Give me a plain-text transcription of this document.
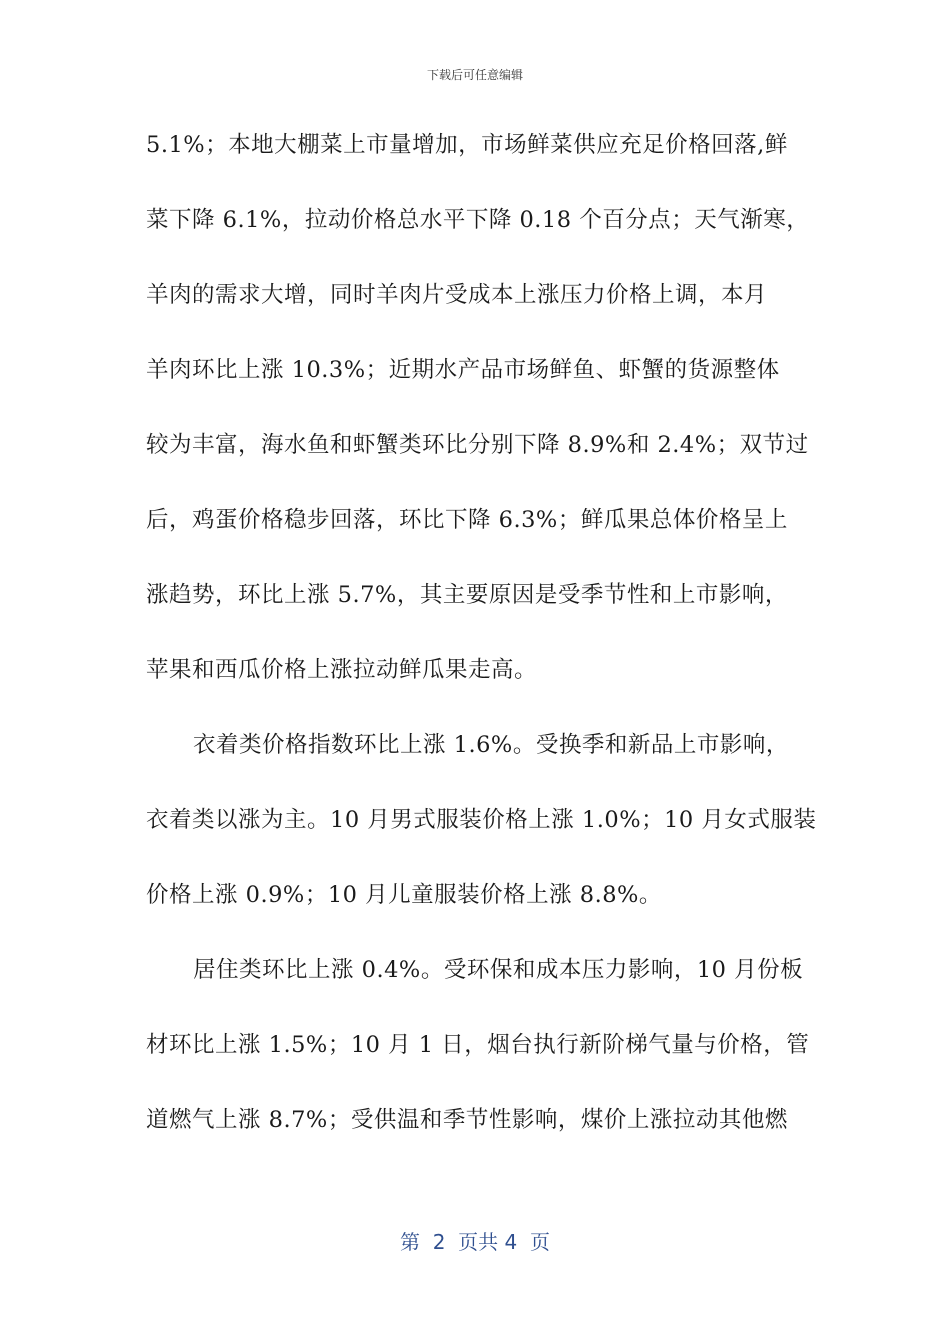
下载后可任意编辑
5.1%；本地大棚菜上市量增加，市场鲜菜供应充足价格回落,鲜
菜下降 6.1%，拉动价格总水平下降 0.18 个百分点；天气渐寒，
羊肉的需求大增，同时羊肉片受成本上涨压力价格上调，本月
羊肉环比上涨 10.3%；近期水产品市场鲜鱼、虾蟹的货源整体
较为丰富，海水鱼和虾蟹类环比分别下降 8.9%和 2.4%；双节过
后，鸡蛋价格稳步回落，环比下降 6.3%；鲜瓜果总体价格呈上
涨趋势，环比上涨 5.7%，其主要原因是受季节性和上市影响，
苹果和西瓜价格上涨拉动鲜瓜果走高。
衣着类价格指数环比上涨 1.6%。受换季和新品上市影响，
衣着类以涨为主。10 月男式服装价格上涨 1.0%；10 月女式服装
价格上涨 0.9%；10 月儿童服装价格上涨 8.8%。
居住类环比上涨 0.4%。受环保和成本压力影响，10 月份板
材环比上涨 1.5%；10 月 1 日，烟台执行新阶梯气量与价格，管
道燃气上涨 8.7%；受供温和季节性影响，煤价上涨拉动其他燃
第  2  页共 4  页
